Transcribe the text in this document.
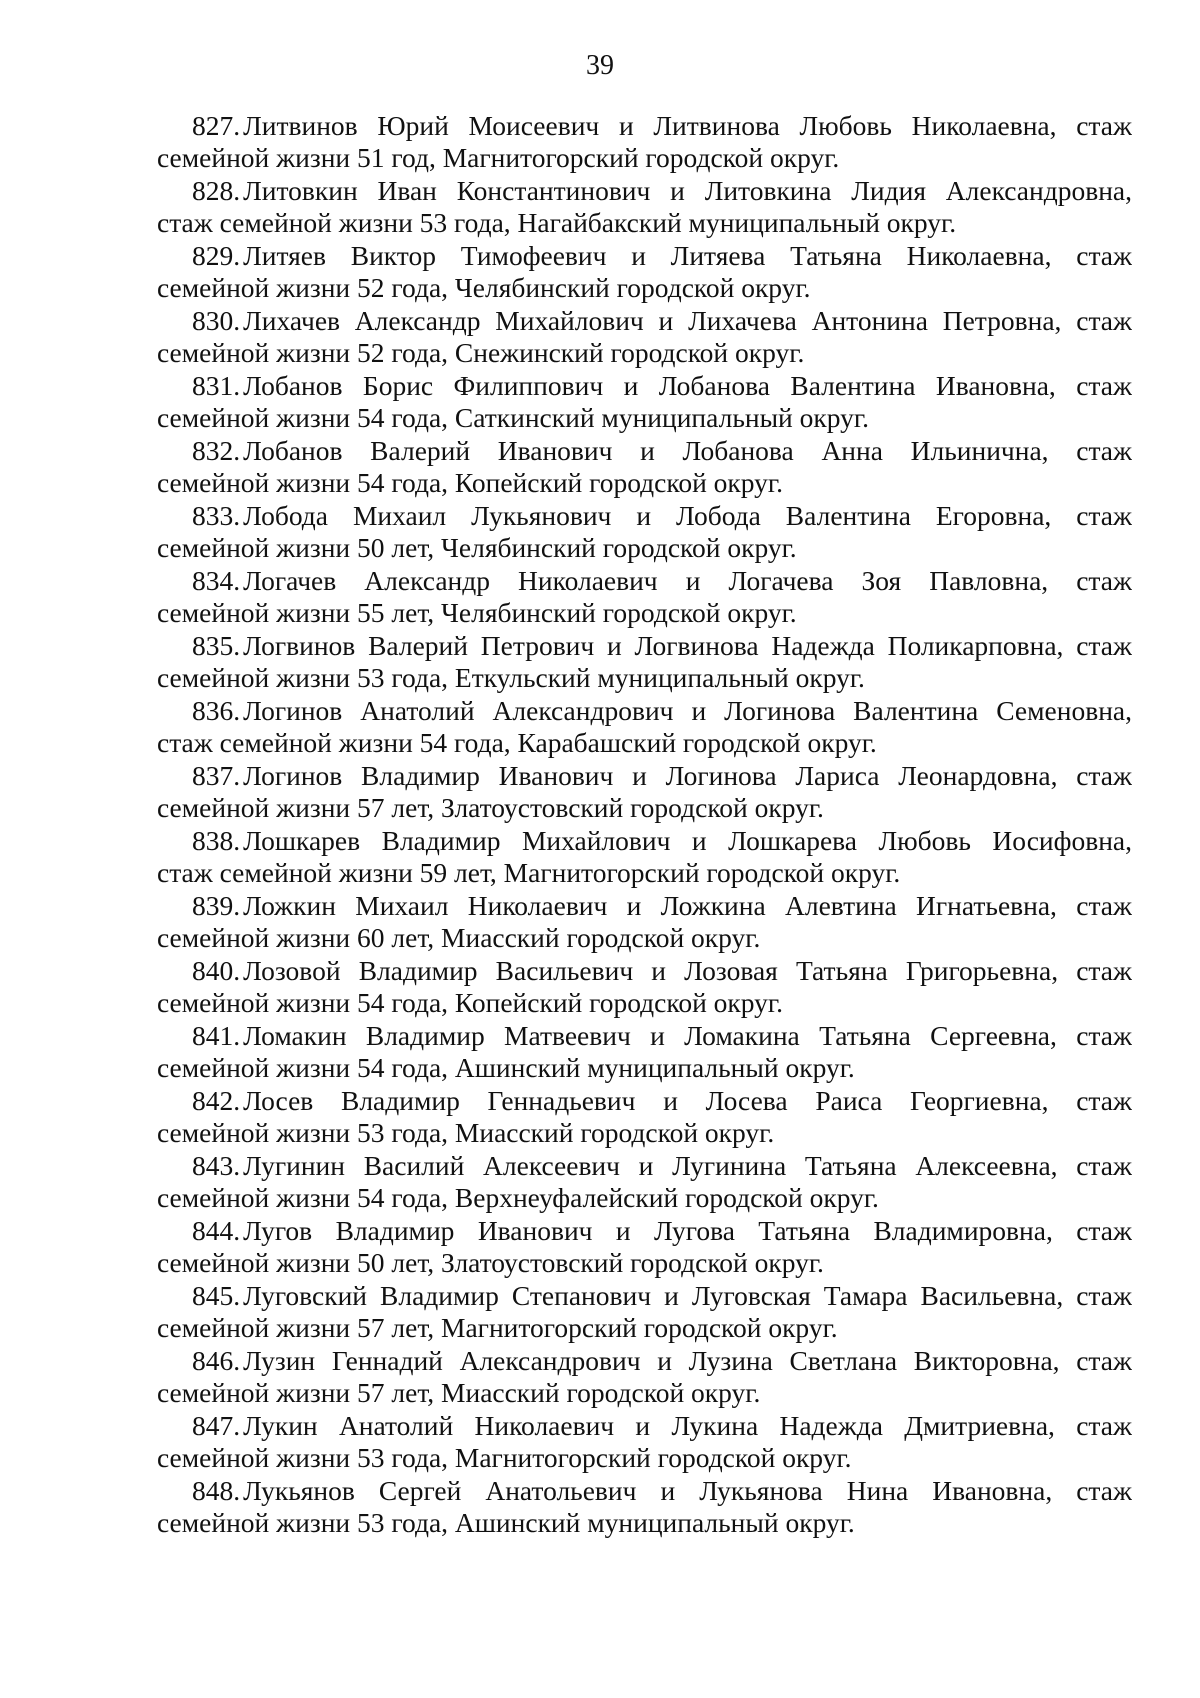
39
827. Литвинов Юрий Моисеевич и Литвинова Любовь Николаевна, стаж
семейной жизни 51 год, Магнитогорский городской округ.
828. Литовкин Иван Константинович и Литовкина Лидия Александровна,
стаж семейной жизни 53 года, Нагайбакский муниципальный округ.
829. Литяев Виктор Тимофеевич и Литяева Татьяна Николаевна, стаж
семейной жизни 52 года, Челябинский городской округ.
830. Лихачев Александр Михайлович и Лихачева Антонина Петровна, стаж
семейной жизни 52 года, Снежинский городской округ.
831. Лобанов Борис Филиппович и Лобанова Валентина Ивановна, стаж
семейной жизни 54 года, Саткинский муниципальный округ.
832. Лобанов Валерий Иванович и Лобанова Анна Ильинична, стаж
семейной жизни 54 года, Копейский городской округ.
833. Лобода Михаил Лукьянович и Лобода Валентина Егоровна, стаж
семейной жизни 50 лет, Челябинский городской округ.
834. Логачев Александр Николаевич и Логачева Зоя Павловна, стаж
семейной жизни 55 лет, Челябинский городской округ.
835. Логвинов Валерий Петрович и Логвинова Надежда Поликарповна, стаж
семейной жизни 53 года, Еткульский муниципальный округ.
836. Логинов Анатолий Александрович и Логинова Валентина Семеновна,
стаж семейной жизни 54 года, Карабашский городской округ.
837. Логинов Владимир Иванович и Логинова Лариса Леонардовна, стаж
семейной жизни 57 лет, Златоустовский городской округ.
838. Лошкарев Владимир Михайлович и Лошкарева Любовь Иосифовна,
стаж семейной жизни 59 лет, Магнитогорский городской округ.
839. Ложкин Михаил Николаевич и Ложкина Алевтина Игнатьевна, стаж
семейной жизни 60 лет, Миасский городской округ.
840. Лозовой Владимир Васильевич и Лозовая Татьяна Григорьевна, стаж
семейной жизни 54 года, Копейский городской округ.
841. Ломакин Владимир Матвеевич и Ломакина Татьяна Сергеевна, стаж
семейной жизни 54 года, Ашинский муниципальный округ.
842. Лосев Владимир Геннадьевич и Лосева Раиса Георгиевна, стаж
семейной жизни 53 года, Миасский городской округ.
843. Лугинин Василий Алексеевич и Лугинина Татьяна Алексеевна, стаж
семейной жизни 54 года, Верхнеуфалейский городской округ.
844. Лугов Владимир Иванович и Лугова Татьяна Владимировна, стаж
семейной жизни 50 лет, Златоустовский городской округ.
845. Луговский Владимир Степанович и Луговская Тамара Васильевна, стаж
семейной жизни 57 лет, Магнитогорский городской округ.
846. Лузин Геннадий Александрович и Лузина Светлана Викторовна, стаж
семейной жизни 57 лет, Миасский городской округ.
847. Лукин Анатолий Николаевич и Лукина Надежда Дмитриевна, стаж
семейной жизни 53 года, Магнитогорский городской округ.
848. Лукьянов Сергей Анатольевич и Лукьянова Нина Ивановна, стаж
семейной жизни 53 года, Ашинский муниципальный округ.
